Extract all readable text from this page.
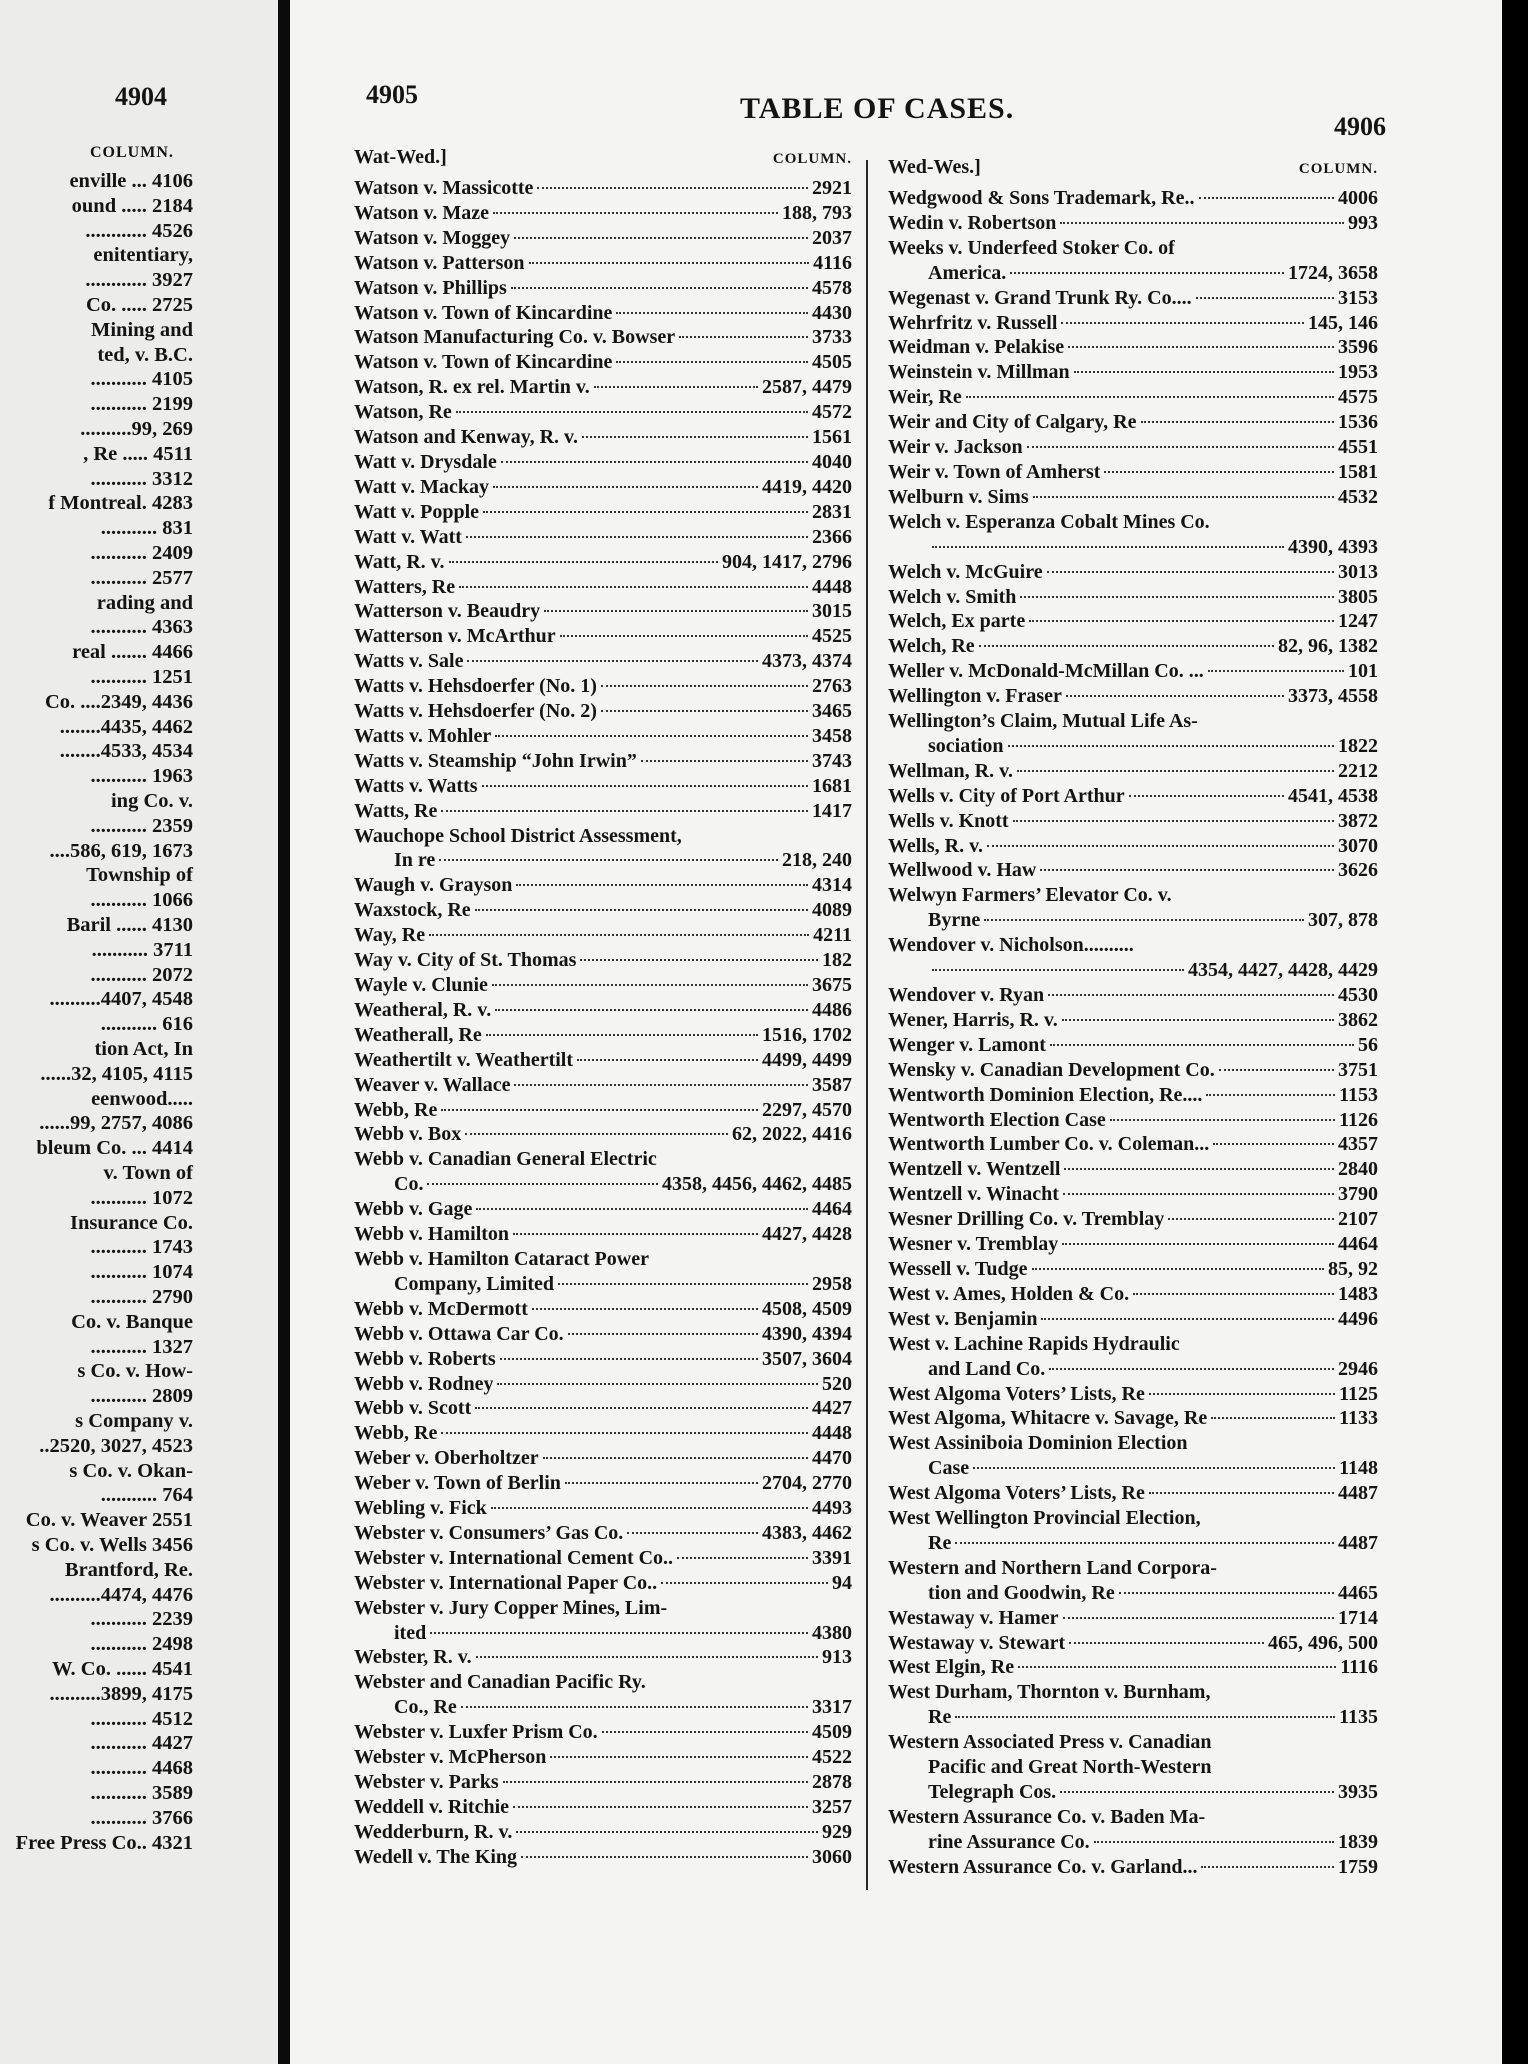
4904
COLUMN.
enville ... 4106
ound ..... 2184
............ 4526
enitentiary,
............ 3927
Co. ..... 2725
Mining and
ted, v. B.C.
........... 4105
........... 2199
..........99, 269
, Re ..... 4511
........... 3312
f Montreal. 4283
........... 831
........... 2409
........... 2577
rading and
........... 4363
real ....... 4466
........... 1251
Co. ....2349, 4436
........4435, 4462
........4533, 4534
........... 1963
ing Co. v.
........... 2359
....586, 619, 1673
Township of
........... 1066
Baril ...... 4130
........... 3711
........... 2072
..........4407, 4548
........... 616
tion Act, In
......32, 4105, 4115
eenwood.....
......99, 2757, 4086
bleum Co. ... 4414
v. Town of
........... 1072
Insurance Co.
........... 1743
........... 1074
........... 2790
Co. v. Banque
........... 1327
s Co. v. How-
........... 2809
s Company v.
..2520, 3027, 4523
s Co. v. Okan-
........... 764
Co. v. Weaver 2551
s Co. v. Wells 3456
Brantford, Re.
..........4474, 4476
........... 2239
........... 2498
W. Co. ...... 4541
..........3899, 4175
........... 4512
........... 4427
........... 4468
........... 3589
........... 3766
Free Press Co.. 4321
4905	TABLE OF CASES.
4906
Wat-Wed.]	COLUMN.
Watson v. Massicotte	2921
Watson v. Maze	188, 793
Watson v. Moggey	2037
Watson v. Patterson	4116
Watson v. Phillips	4578
Watson v. Town of Kincardine	4430
Watson Manufacturing Co. v. Bowser	3733
Watson v. Town of Kincardine	4505
Watson, R. ex rel. Martin v.	2587, 4479
Watson, Re	4572
Watson and Kenway, R. v.	1561
Watt v. Drysdale	4040
Watt v. Mackay	4419, 4420
Watt v. Popple	2831
Watt v. Watt	2366
Watt, R. v.	904, 1417, 2796
Watters, Re	4448
Watterson v. Beaudry	3015
Watterson v. McArthur	4525
Watts v. Sale	4373, 4374
Watts v. Hehsdoerfer (No. 1)	2763
Watts v. Hehsdoerfer (No. 2)	3465
Watts v. Mohler	3458
Watts v. Steamship “John Irwin”	3743
Watts v. Watts	1681
Watts, Re	1417
Wauchope School District Assessment,
In re	218, 240
Waugh v. Grayson	4314
Waxstock, Re	4089
Way, Re	4211
Way v. City of St. Thomas	182
Wayle v. Clunie	3675
Weatheral, R. v.	4486
Weatherall, Re	1516, 1702
Weathertilt v. Weathertilt	4499, 4499
Weaver v. Wallace	3587
Webb, Re	2297, 4570
Webb v. Box	62, 2022, 4416
Webb v. Canadian General Electric
Co.	4358, 4456, 4462, 4485
Webb v. Gage	4464
Webb v. Hamilton	4427, 4428
Webb v. Hamilton Cataract Power
Company, Limited	2958
Webb v. McDermott	4508, 4509
Webb v. Ottawa Car Co.	4390, 4394
Webb v. Roberts	3507, 3604
Webb v. Rodney	520
Webb v. Scott	4427
Webb, Re	4448
Weber v. Oberholtzer	4470
Weber v. Town of Berlin	2704, 2770
Webling v. Fick	4493
Webster v. Consumers’ Gas Co.	4383, 4462
Webster v. International Cement Co..	3391
Webster v. International Paper Co..	94
Webster v. Jury Copper Mines, Lim-
ited	4380
Webster, R. v.	913
Webster and Canadian Pacific Ry.
Co., Re	3317
Webster v. Luxfer Prism Co.	4509
Webster v. McPherson	4522
Webster v. Parks	2878
Weddell v. Ritchie	3257
Wedderburn, R. v.	929
Wedell v. The King	3060
Wed-Wes.]	COLUMN.
Wedgwood & Sons Trademark, Re..	4006
Wedin v. Robertson	993
Weeks v. Underfeed Stoker Co. of
America.	1724, 3658
Wegenast v. Grand Trunk Ry. Co....	3153
Wehrfritz v. Russell	145, 146
Weidman v. Pelakise	3596
Weinstein v. Millman	1953
Weir, Re	4575
Weir and City of Calgary, Re	1536
Weir v. Jackson	4551
Weir v. Town of Amherst	1581
Welburn v. Sims	4532
Welch v. Esperanza Cobalt Mines Co.
4390, 4393
Welch v. McGuire	3013
Welch v. Smith	3805
Welch, Ex parte	1247
Welch, Re	82, 96, 1382
Weller v. McDonald-McMillan Co. ...	101
Wellington v. Fraser	3373, 4558
Wellington’s Claim, Mutual Life As-
sociation	1822
Wellman, R. v.	2212
Wells v. City of Port Arthur	4541, 4538
Wells v. Knott	3872
Wells, R. v.	3070
Wellwood v. Haw	3626
Welwyn Farmers’ Elevator Co. v.
Byrne	307, 878
Wendover v. Nicholson..........
4354, 4427, 4428, 4429
Wendover v. Ryan	4530
Wener, Harris, R. v.	3862
Wenger v. Lamont	56
Wensky v. Canadian Development Co.	3751
Wentworth Dominion Election, Re....	1153
Wentworth Election Case	1126
Wentworth Lumber Co. v. Coleman...	4357
Wentzell v. Wentzell	2840
Wentzell v. Winacht	3790
Wesner Drilling Co. v. Tremblay	2107
Wesner v. Tremblay	4464
Wessell v. Tudge	85, 92
West v. Ames, Holden & Co.	1483
West v. Benjamin	4496
West v. Lachine Rapids Hydraulic
and Land Co.	2946
West Algoma Voters’ Lists, Re	1125
West Algoma, Whitacre v. Savage, Re	1133
West Assiniboia Dominion Election
Case	1148
West Algoma Voters’ Lists, Re	4487
West Wellington Provincial Election,
Re	4487
Western and Northern Land Corpora-
tion and Goodwin, Re	4465
Westaway v. Hamer	1714
Westaway v. Stewart	465, 496, 500
West Elgin, Re	1116
West Durham, Thornton v. Burnham,
Re	1135
Western Associated Press v. Canadian
Pacific and Great North-Western
Telegraph Cos.	3935
Western Assurance Co. v. Baden Ma-
rine Assurance Co.	1839
Western Assurance Co. v. Garland...	1759
